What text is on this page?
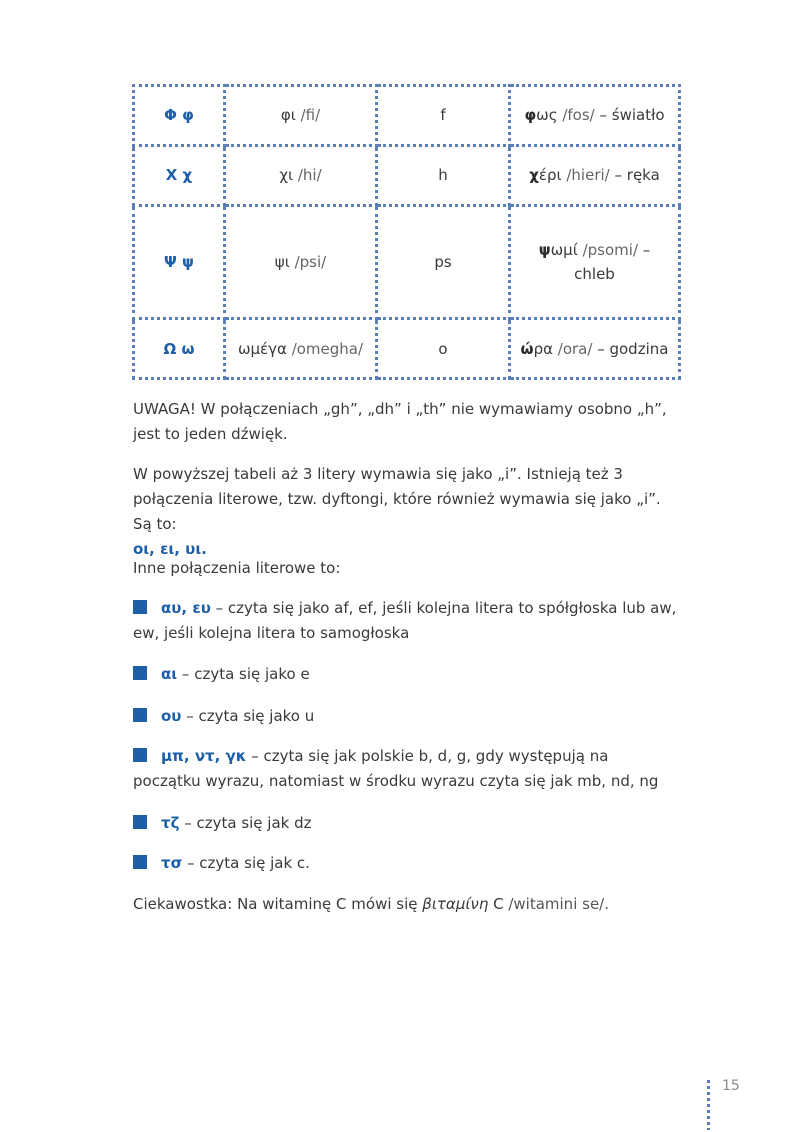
Φ φ	φι /fi/	f	φως /fos/ – światło
Χ χ	χι /hi/	h	χέρι /hieri/ – ręka
Ψ ψ	ψι /psi/	ps	ψωμί /psomi/ –
chleb
Ω ω	ωμέγα /omegha/	o	ώρα /ora/ – godzina

UWAGA! W połączeniach „gh”, „dh” i „th” nie wymawiamy osobno „h”, jest to jeden dźwięk.

W powyższej tabeli aż 3 litery wymawia się jako „i”. Istnieją też 3 połączenia literowe, tzw. dyftongi, które również wymawia się jako „i”. Są to:
οι, ει, υι.

Inne połączenia literowe to:

αυ, ευ – czyta się jako af, ef, jeśli kolejna litera to spółgłoska lub aw, ew, jeśli kolejna litera to samogłoska

αι – czyta się jako e

ου – czyta się jako u

μπ, ντ, γκ – czyta się jak polskie b, d, g, gdy występują na początku wyrazu, natomiast w środku wyrazu czyta się jak mb, nd, ng

τζ – czyta się jak dz

τσ – czyta się jak c.

Ciekawostka: Na witaminę C mówi się βιταμίνη C /witamini se/.

15
